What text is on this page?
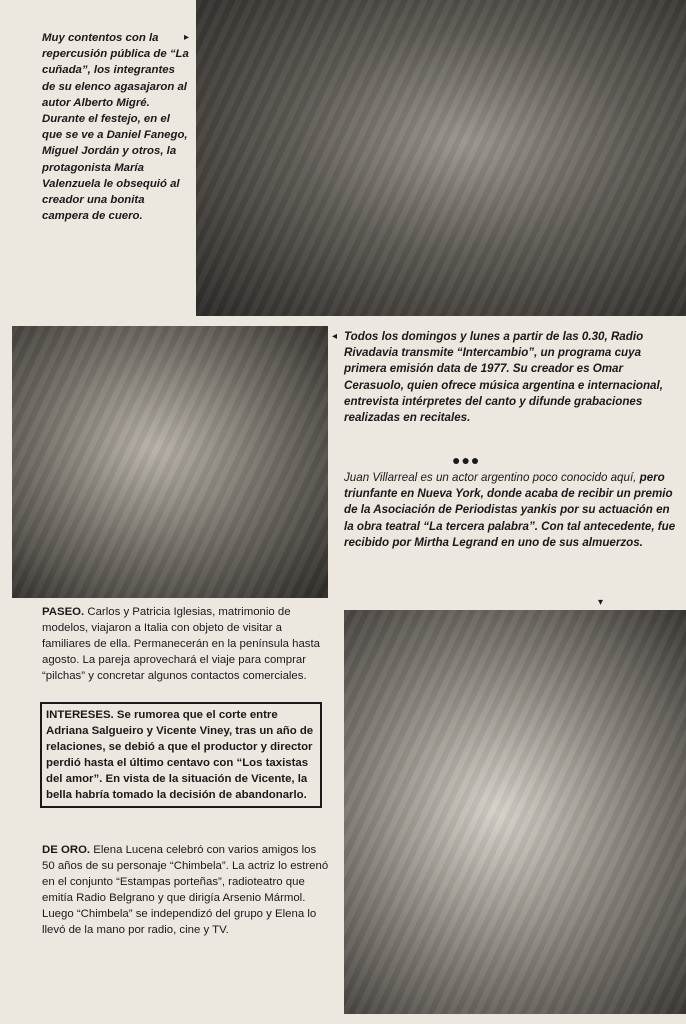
Muy contentos con la repercusión pública de “La cuñada”, los integrantes de su elenco agasajaron al autor Alberto Migré. Durante el festejo, en el que se ve a Daniel Fanego, Miguel Jordán y otros, la protagonista María Valenzuela le obsequió al creador una bonita campera de cuero.

▸
◂ Todos los domingos y lunes a partir de las 0.30, Radio Rivadavia transmite “Intercambio”, un programa cuya primera emisión data de 1977. Su creador es Omar Cerasuolo, quien ofrece música argentina e internacional, entrevista intérpretes del canto y difunde grabaciones realizadas en recitales.

●●●

Juan Villarreal es un actor argentino poco conocido aquí, pero triunfante en Nueva York, donde acaba de recibir un premio de la Asociación de Periodistas yankis por su actuación en la obra teatral “La tercera palabra”. Con tal antecedente, fue recibido por Mirtha Legrand en uno de sus almuerzos.

▾

PASEO. Carlos y Patricia Iglesias, matrimonio de modelos, viajaron a Italia con objeto de visitar a familiares de ella. Permanecerán en la península hasta agosto. La pareja aprovechará el viaje para comprar “pilchas” y concretar algunos contactos comerciales.

INTERESES. Se rumorea que el corte entre Adriana Salgueiro y Vicente Viney, tras un año de relaciones, se debió a que el productor y director perdió hasta el último centavo con “Los taxistas del amor”. En vista de la situación de Vicente, la bella habría tomado la decisión de abandonarlo.

DE ORO. Elena Lucena celebró con varios amigos los 50 años de su personaje “Chimbela”. La actriz lo estrenó en el conjunto “Estampas porteñas”, radioteatro que emitía Radio Belgrano y que dirigía Arsenio Mármol. Luego “Chimbela” se independizó del grupo y Elena lo llevó de la mano por radio, cine y TV.
